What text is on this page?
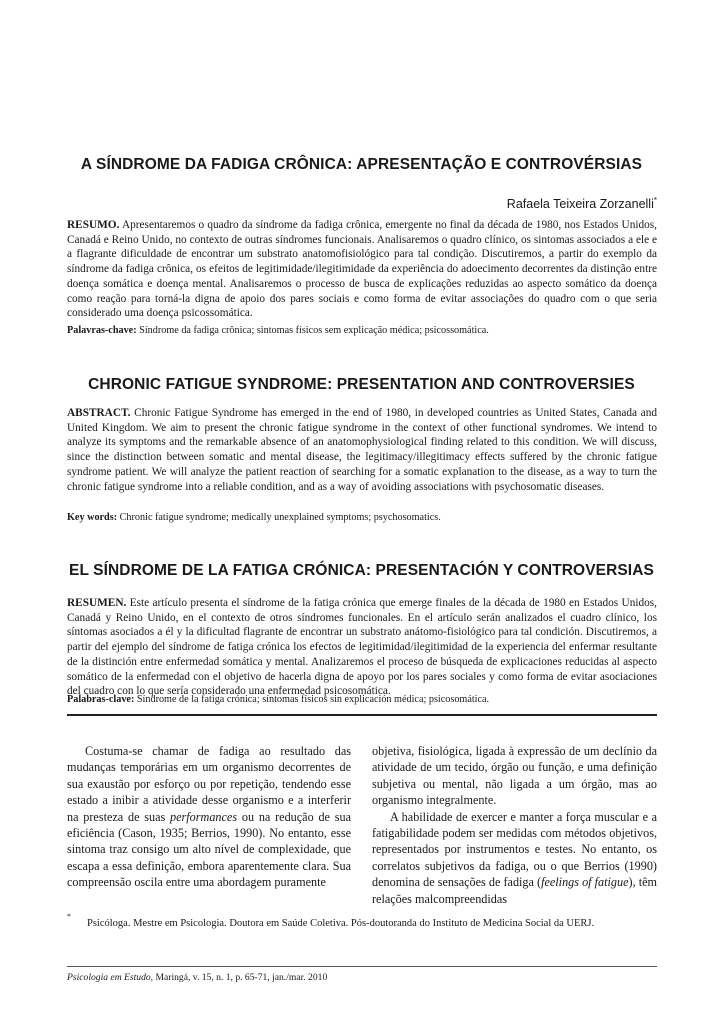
A SÍNDROME DA FADIGA CRÔNICA: APRESENTAÇÃO E CONTROVÉRSIAS
Rafaela Teixeira Zorzanelli*
RESUMO. Apresentaremos o quadro da síndrome da fadiga crônica, emergente no final da década de 1980, nos Estados Unidos, Canadá e Reino Unido, no contexto de outras síndromes funcionais. Analisaremos o quadro clínico, os sintomas associados a ele e a flagrante dificuldade de encontrar um substrato anatomofisiológico para tal condição. Discutiremos, a partir do exemplo da síndrome da fadiga crônica, os efeitos de legitimidade/ilegitimidade da experiência do adoecimento decorrentes da distinção entre doença somática e doença mental. Analisaremos o processo de busca de explicações reduzidas ao aspecto somático da doença como reação para torná-la digna de apoio dos pares sociais e como forma de evitar associações do quadro com o que seria considerado uma doença psicossomática.
Palavras-chave: Síndrome da fadiga crônica; sintomas físicos sem explicação médica; psicossomática.
CHRONIC FATIGUE SYNDROME: PRESENTATION AND CONTROVERSIES
ABSTRACT. Chronic Fatigue Syndrome has emerged in the end of 1980, in developed countries as United States, Canada and United Kingdom. We aim to present the chronic fatigue syndrome in the context of other functional syndromes. We intend to analyze its symptoms and the remarkable absence of an anatomophysiological finding related to this condition. We will discuss, since the distinction between somatic and mental disease, the legitimacy/illegitimacy effects suffered by the chronic fatigue syndrome patient. We will analyze the patient reaction of searching for a somatic explanation to the disease, as a way to turn the chronic fatigue syndrome into a reliable condition, and as a way of avoiding associations with psychosomatic diseases.
Key words: Chronic fatigue syndrome; medically unexplained symptoms; psychosomatics.
EL SÍNDROME DE LA FATIGA CRÓNICA: PRESENTACIÓN Y CONTROVERSIAS
RESUMEN. Este artículo presenta el síndrome de la fatiga crónica que emerge finales de la década de 1980 en Estados Unidos, Canadá y Reino Unido, en el contexto de otros síndromes funcionales. En el artículo serán analizados el cuadro clínico, los síntomas asociados a él y la dificultad flagrante de encontrar un substrato anátomo-fisiológico para tal condición. Discutiremos, a partir del ejemplo del síndrome de fatiga crónica los efectos de legitimidad/ilegitimidad de la experiencia del enfermar resultante de la distinción entre enfermedad somática y mental. Analizaremos el proceso de búsqueda de explicaciones reducidas al aspecto somático de la enfermedad con el objetivo de hacerla digna de apoyo por los pares sociales y como forma de evitar asociaciones del cuadro con lo que sería considerado una enfermedad psicosomática.
Palabras-clave: Síndrome de la fatiga crónica; síntomas físicos sin explicación médica; psicosomática.

Costuma-se chamar de fadiga ao resultado das mudanças temporárias em um organismo decorrentes de sua exaustão por esforço ou por repetição, tendendo esse estado a inibir a atividade desse organismo e a interferir na presteza de suas performances ou na redução de sua eficiência (Cason, 1935; Berrios, 1990). No entanto, esse sintoma traz consigo um alto nível de complexidade, que escapa a essa definição, embora aparentemente clara. Sua compreensão oscila entre uma abordagem puramente

objetiva, fisiológica, ligada à expressão de um declínio da atividade de um tecido, órgão ou função, e uma definição subjetiva ou mental, não ligada a um órgão, mas ao organismo integralmente.

A habilidade de exercer e manter a força muscular e a fatigabilidade podem ser medidas com métodos objetivos, representados por instrumentos e testes. No entanto, os correlatos subjetivos da fadiga, ou o que Berrios (1990) denomina de sensações de fadiga (feelings of fatigue), têm relações malcompreendidas

*
Psicóloga. Mestre em Psicologia. Doutora em Saúde Coletiva. Pós-doutoranda do Instituto de Medicina Social da UERJ.
Psicologia em Estudo, Maringá, v. 15, n. 1, p. 65-71, jan./mar. 2010
